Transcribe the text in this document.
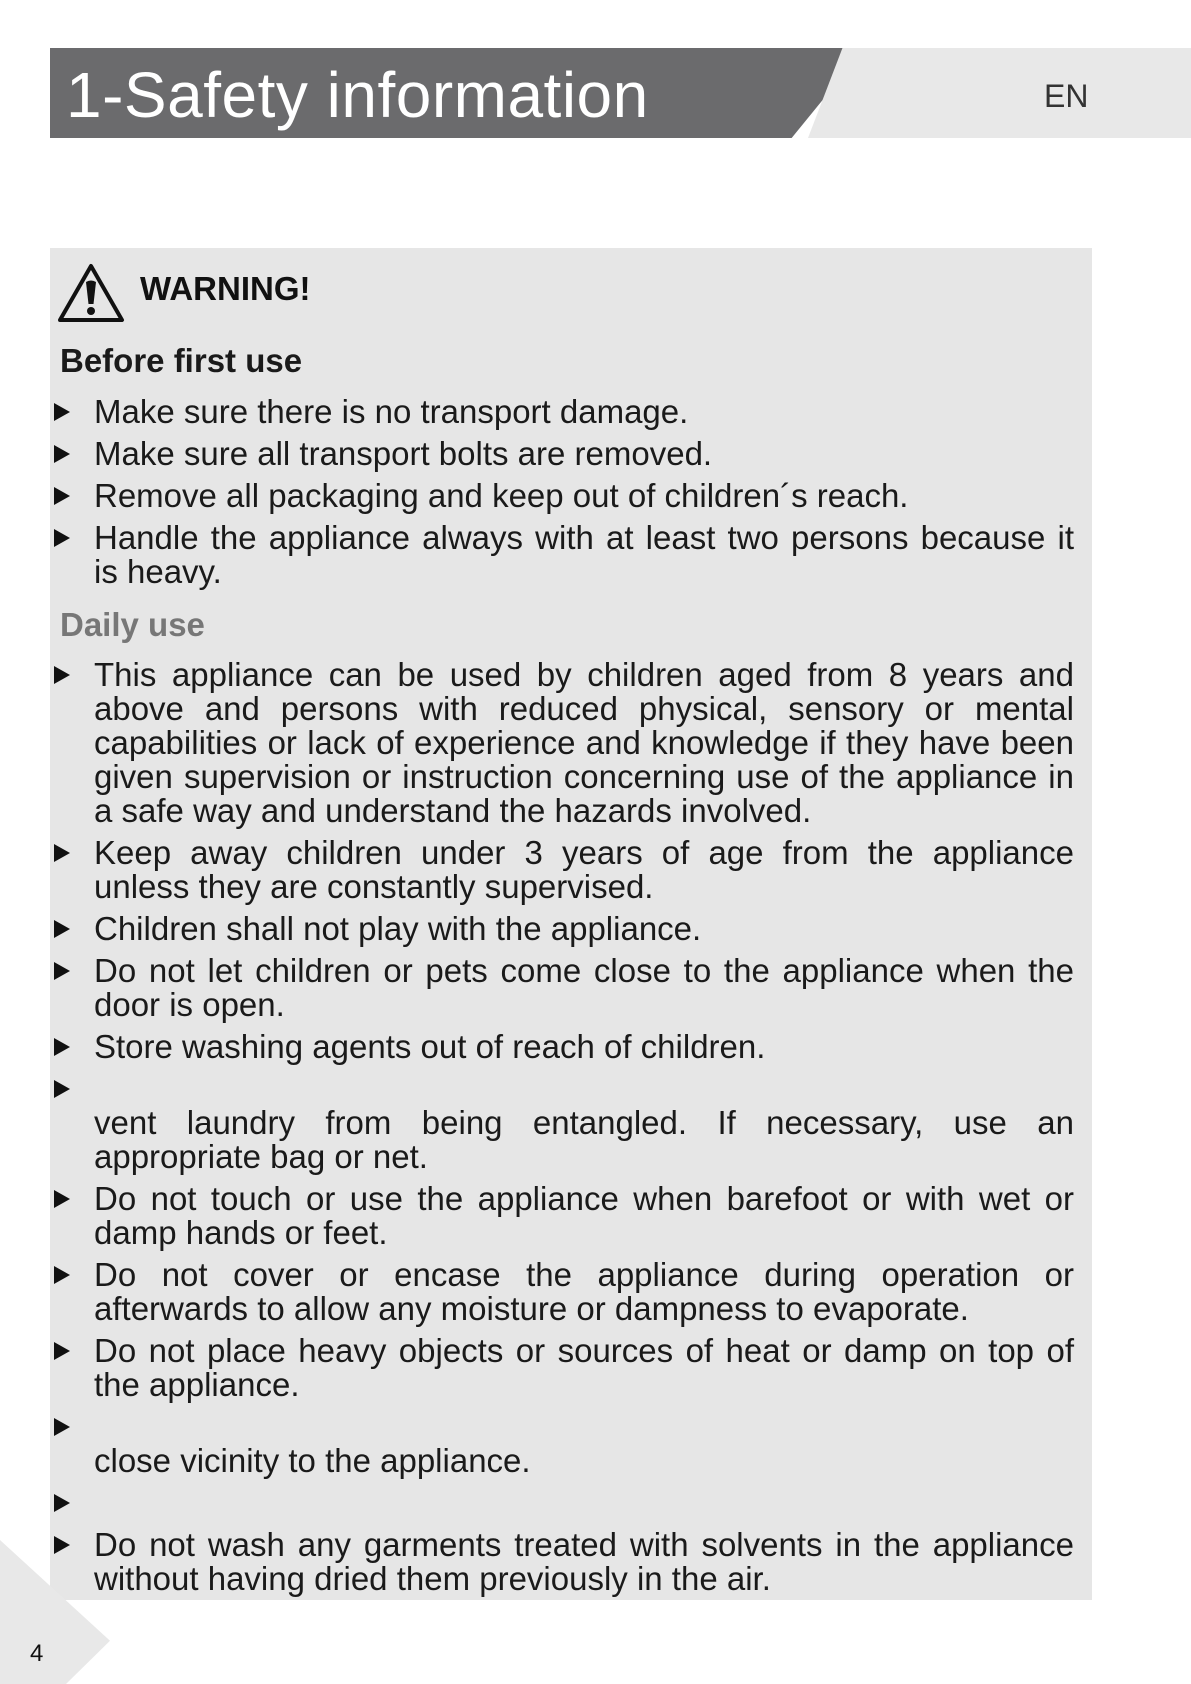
1-Safety information	EN
WARNING!
Before first use
Make sure there is no transport damage.
Make sure all transport bolts are removed.
Remove all packaging and keep out of children´s reach.
Handle the appliance always with at least two persons because it is heavy.
Daily use
This appliance can be used by children aged from 8 years and above and persons with reduced physical, sensory or mental capabilities or lack of experience and knowledge if they have been given supervision or instruction concerning use of the appliance in a safe way and understand the hazards involved.
Keep away children under 3 years of age from the appliance unless they are constantly supervised.
Children shall not play with the appliance.
Do not let children or pets come close to the appliance when the door is open.
Store washing agents out of reach of children.
vent laundry from being entangled. If necessary, use an appropriate bag or net.
Do not touch or use the appliance when barefoot or with wet or damp hands or feet.
Do not cover or encase the appliance during operation or afterwards to allow any moisture or dampness to evaporate.
Do not place heavy objects or sources of heat or damp on top of the appliance.
close vicinity to the appliance.
Do not wash any garments treated with solvents in the appliance without having dried them previously in the air.
4
